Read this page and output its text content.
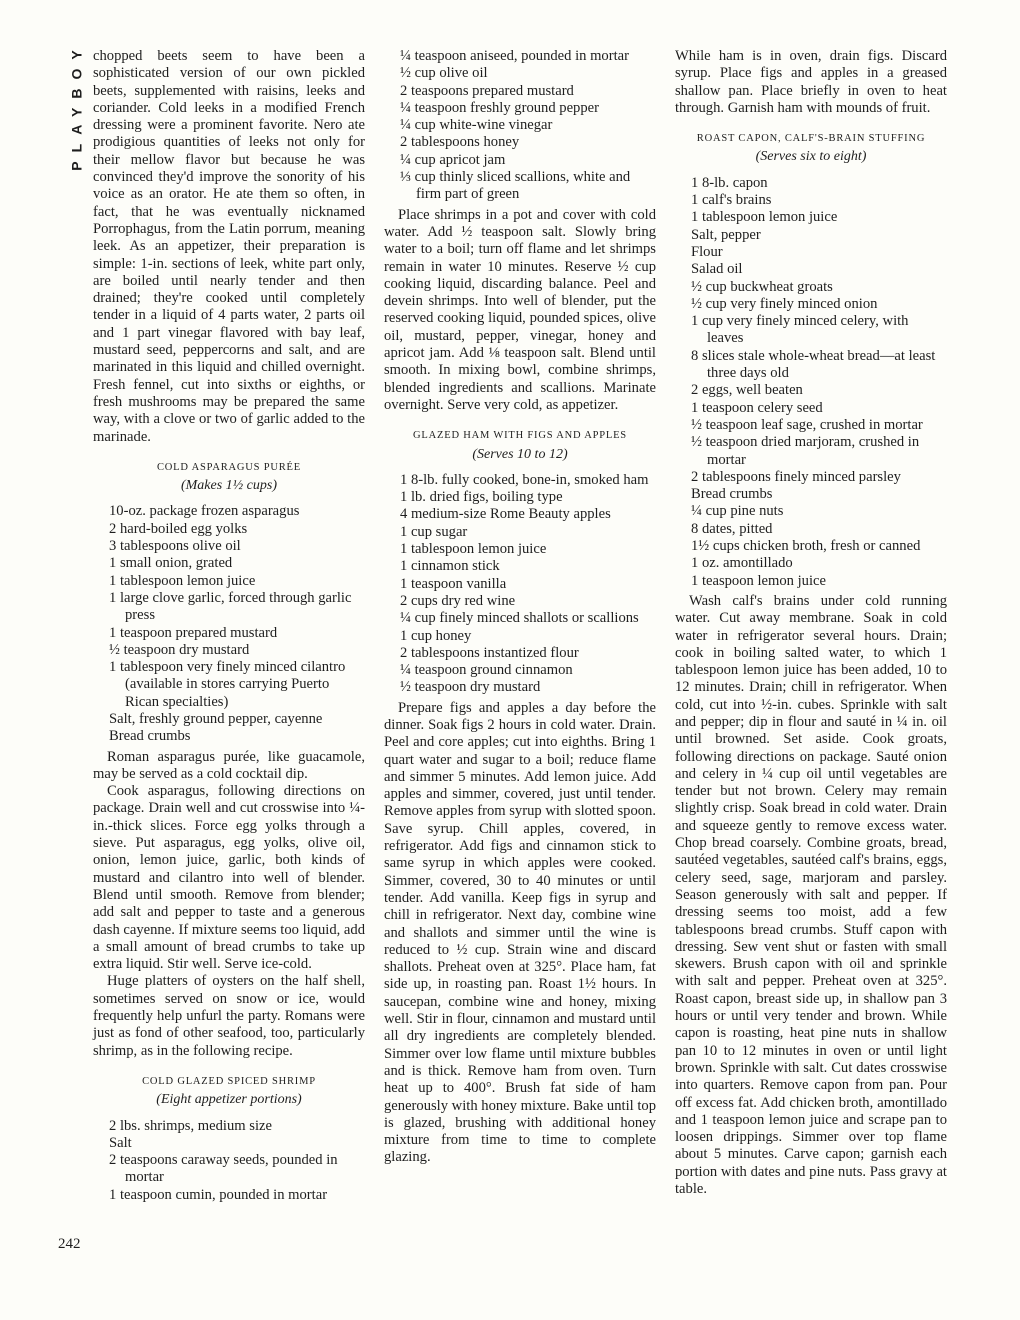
PLAYBOY
242

chopped beets seem to have been a sophisticated version of our own pickled beets, supplemented with raisins, leeks and coriander. Cold leeks in a modified French dressing were a prominent favorite. Nero ate prodigious quantities of leeks not only for their mellow flavor but because he was convinced they'd improve the sonority of his voice as an orator. He ate them so often, in fact, that he was eventually nicknamed Porrophagus, from the Latin porrum, meaning leek. As an appetizer, their preparation is simple: 1-in. sections of leek, white part only, are boiled until nearly tender and then drained; they're cooked until completely tender in a liquid of 4 parts water, 2 parts oil and 1 part vinegar flavored with bay leaf, mustard seed, peppercorns and salt, and are marinated in this liquid and chilled overnight. Fresh fennel, cut into sixths or eighths, or fresh mushrooms may be prepared the same way, with a clove or two of garlic added to the marinade.

COLD ASPARAGUS PURÉE
(Makes 1½ cups)
10-oz. package frozen asparagus
2 hard-boiled egg yolks
3 tablespoons olive oil
1 small onion, grated
1 tablespoon lemon juice
1 large clove garlic, forced through garlic press
1 teaspoon prepared mustard
½ teaspoon dry mustard
1 tablespoon very finely minced cilantro (available in stores carrying Puerto Rican specialties)
Salt, freshly ground pepper, cayenne
Bread crumbs

Roman asparagus purée, like guacamole, may be served as a cold cocktail dip.

Cook asparagus, following directions on package. Drain well and cut crosswise into ¼-in.-thick slices. Force egg yolks through a sieve. Put asparagus, egg yolks, olive oil, onion, lemon juice, garlic, both kinds of mustard and cilantro into well of blender. Blend until smooth. Remove from blender; add salt and pepper to taste and a generous dash cayenne. If mixture seems too liquid, add a small amount of bread crumbs to take up extra liquid. Stir well. Serve ice-cold.

Huge platters of oysters on the half shell, sometimes served on snow or ice, would frequently help unfurl the party. Romans were just as fond of other seafood, too, particularly shrimp, as in the following recipe.

COLD GLAZED SPICED SHRIMP
(Eight appetizer portions)
2 lbs. shrimps, medium size
Salt
2 teaspoons caraway seeds, pounded in mortar
1 teaspoon cumin, pounded in mortar
¼ teaspoon aniseed, pounded in mortar
½ cup olive oil
2 teaspoons prepared mustard
¼ teaspoon freshly ground pepper
¼ cup white-wine vinegar
2 tablespoons honey
¼ cup apricot jam
⅓ cup thinly sliced scallions, white and firm part of green

Place shrimps in a pot and cover with cold water. Add ½ teaspoon salt. Slowly bring water to a boil; turn off flame and let shrimps remain in water 10 minutes. Reserve ½ cup cooking liquid, discarding balance. Peel and devein shrimps. Into well of blender, put the reserved cooking liquid, pounded spices, olive oil, mustard, pepper, vinegar, honey and apricot jam. Add ⅛ teaspoon salt. Blend until smooth. In mixing bowl, combine shrimps, blended ingredients and scallions. Marinate overnight. Serve very cold, as appetizer.

GLAZED HAM WITH FIGS AND APPLES
(Serves 10 to 12)
1 8-lb. fully cooked, bone-in, smoked ham
1 lb. dried figs, boiling type
4 medium-size Rome Beauty apples
1 cup sugar
1 tablespoon lemon juice
1 cinnamon stick
1 teaspoon vanilla
2 cups dry red wine
¼ cup finely minced shallots or scallions
1 cup honey
2 tablespoons instantized flour
¼ teaspoon ground cinnamon
½ teaspoon dry mustard

Prepare figs and apples a day before the dinner. Soak figs 2 hours in cold water. Drain. Peel and core apples; cut into eighths. Bring 1 quart water and sugar to a boil; reduce flame and simmer 5 minutes. Add lemon juice. Add apples and simmer, covered, just until tender. Remove apples from syrup with slotted spoon. Save syrup. Chill apples, covered, in refrigerator. Add figs and cinnamon stick to same syrup in which apples were cooked. Simmer, covered, 30 to 40 minutes or until tender. Add vanilla. Keep figs in syrup and chill in refrigerator. Next day, combine wine and shallots and simmer until the wine is reduced to ½ cup. Strain wine and discard shallots. Preheat oven at 325°. Place ham, fat side up, in roasting pan. Roast 1½ hours. In saucepan, combine wine and honey, mixing well. Stir in flour, cinnamon and mustard until all dry ingredients are completely blended. Simmer over low flame until mixture bubbles and is thick. Remove ham from oven. Turn heat up to 400°. Brush fat side of ham generously with honey mixture. Bake until top is glazed, brushing with additional honey mixture from time to time to complete glazing.

While ham is in oven, drain figs. Discard syrup. Place figs and apples in a greased shallow pan. Place briefly in oven to heat through. Garnish ham with mounds of fruit.

ROAST CAPON, CALF'S-BRAIN STUFFING
(Serves six to eight)
1 8-lb. capon
1 calf's brains
1 tablespoon lemon juice
Salt, pepper
Flour
Salad oil
½ cup buckwheat groats
½ cup very finely minced onion
1 cup very finely minced celery, with leaves
8 slices stale whole-wheat bread—at least three days old
2 eggs, well beaten
1 teaspoon celery seed
½ teaspoon leaf sage, crushed in mortar
½ teaspoon dried marjoram, crushed in mortar
2 tablespoons finely minced parsley
Bread crumbs
¼ cup pine nuts
8 dates, pitted
1½ cups chicken broth, fresh or canned
1 oz. amontillado
1 teaspoon lemon juice

Wash calf's brains under cold running water. Cut away membrane. Soak in cold water in refrigerator several hours. Drain; cook in boiling salted water, to which 1 tablespoon lemon juice has been added, 10 to 12 minutes. Drain; chill in refrigerator. When cold, cut into ½-in. cubes. Sprinkle with salt and pepper; dip in flour and sauté in ¼ in. oil until browned. Set aside. Cook groats, following directions on package. Sauté onion and celery in ¼ cup oil until vegetables are tender but not brown. Celery may remain slightly crisp. Soak bread in cold water. Drain and squeeze gently to remove excess water. Chop bread coarsely. Combine groats, bread, sautéed vegetables, sautéed calf's brains, eggs, celery seed, sage, marjoram and parsley. Season generously with salt and pepper. If dressing seems too moist, add a few tablespoons bread crumbs. Stuff capon with dressing. Sew vent shut or fasten with small skewers. Brush capon with oil and sprinkle with salt and pepper. Preheat oven at 325°. Roast capon, breast side up, in shallow pan 3 hours or until very tender and brown. While capon is roasting, heat pine nuts in shallow pan 10 to 12 minutes in oven or until light brown. Sprinkle with salt. Cut dates crosswise into quarters. Remove capon from pan. Pour off excess fat. Add chicken broth, amontillado and 1 teaspoon lemon juice and scrape pan to loosen drippings. Simmer over top flame about 5 minutes. Carve capon; garnish each portion with dates and pine nuts. Pass gravy at table.
